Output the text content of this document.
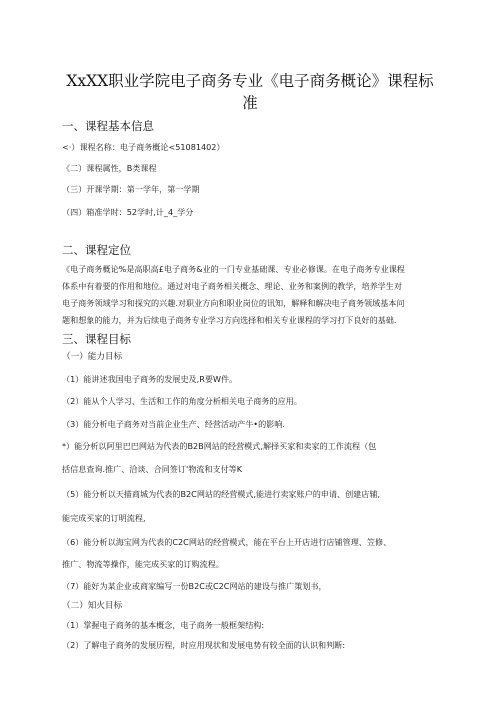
XxXX职业学院电子商务专业《电子商务概论》课程标
准
一、课程基本信息
<·）课程名称：电子商务概论<51081402）
《二）课程属性，B类课程
（三）开课学期：第一学年，第一学期
（四）箱准学时：52学时,计_4_学分
二、课程定位
《电子商务概论%是高职高£电子商务&业的一门专业基础课、专业必修课。在电子商务专业课程
体系中有着要的作用和地位。通过对电子商务相关概念、理论、业务和案例的教学，培养学生对
电子商务领域学习和探究的兴趣.对职业方向和职业岗位的讯知，解释和解决电子商务领域基本问
题和想象的能力，并为后续电子商务专业学习方向选择和相关专业课程的学习打下良好的基础.
三、课程目标
（一）能力目标
（1）能讲述我国电子商务的发展史及,R要W件。
（2）能从个人学习、生活和工作的角度分析相关电子商务的应用。
（3）能分析电子商务对当前企业生产、经营活动产牛•的影响.
*）能分析以阿里巴巴网站为代表的B2B网站的经营模式,解择买家和卖家的工作流程（包
括信息查询.推广、洽谈、合同签订'物流和支付等K
（5）能分析以天描商城为代表的B2C网站的经营模式,能进行卖家账户的申请、创建店辅,
能完成买家的订明流程,
（6）能分析以海宝网为代表的C2C网站的经营模式，能在平台上开店进行店铺管理、笠修、
推广、物流等操作，能完成买家的订购流程。
（7）能好为某企业或商家编写一份B2C或C2C网站的建设与推广策划书，
（二）知火目标
（1）掌握电子商务的基本概念，电子商务一般框架结构:
（2）了解电子商务的发展历程，时应用现状和发展电势有较全面的认识和判断:
